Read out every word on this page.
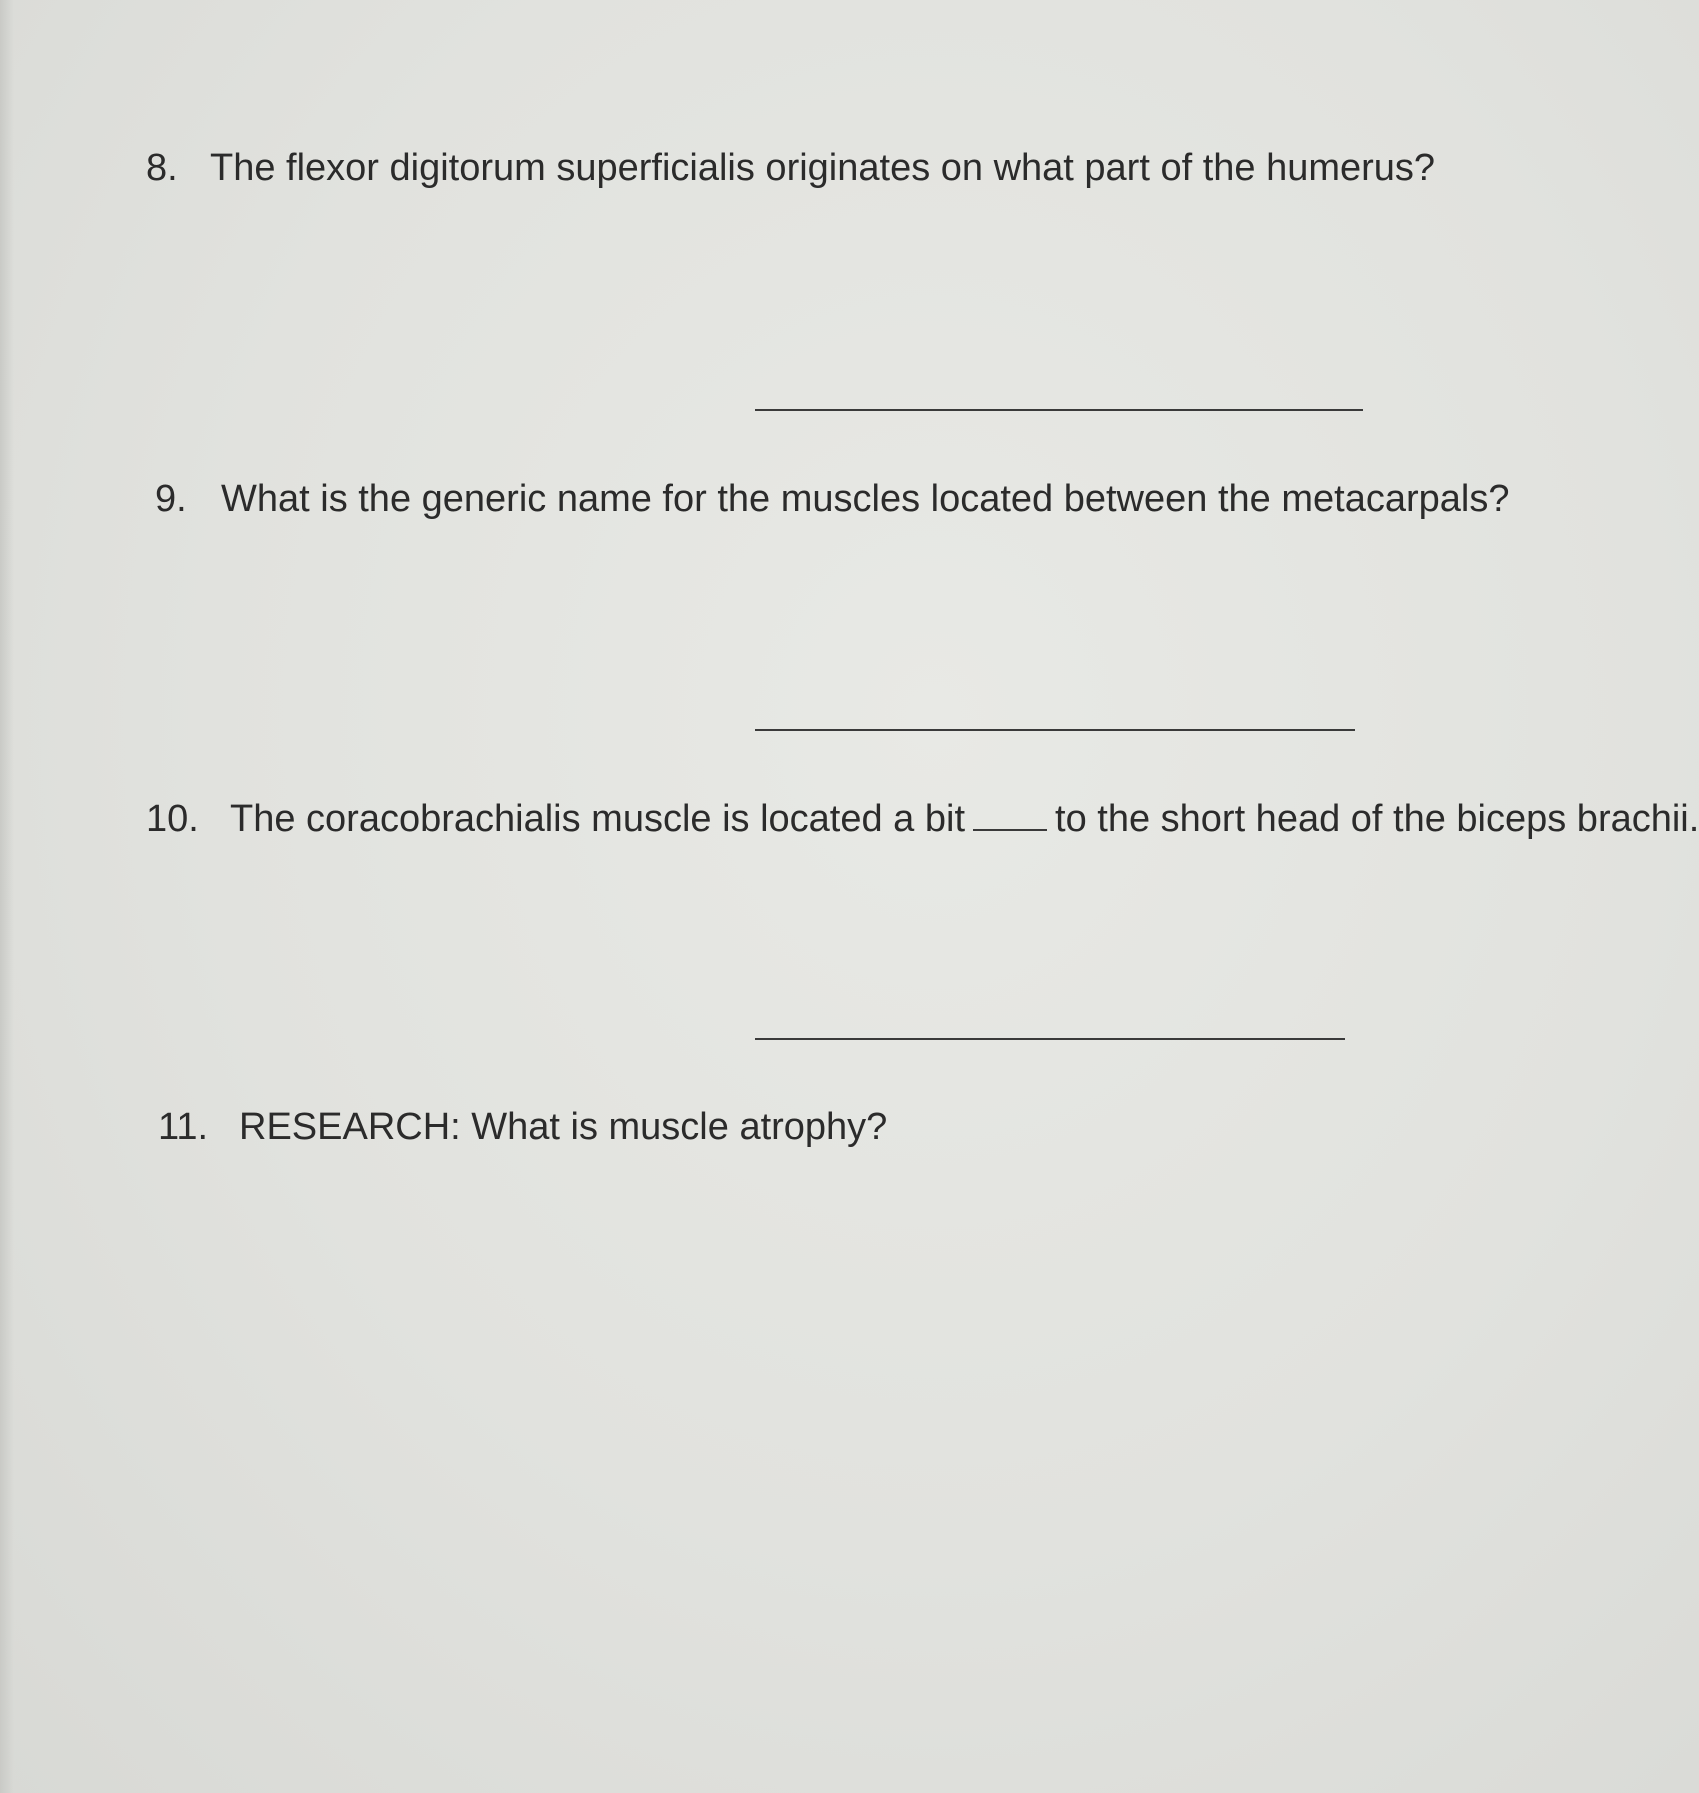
8. The flexor digitorum superficialis originates on what part of the humerus?
9. What is the generic name for the muscles located between the metacarpals?
10. The coracobrachialis muscle is located a bit to the short head of the biceps brachii.
11. RESEARCH: What is muscle atrophy?
